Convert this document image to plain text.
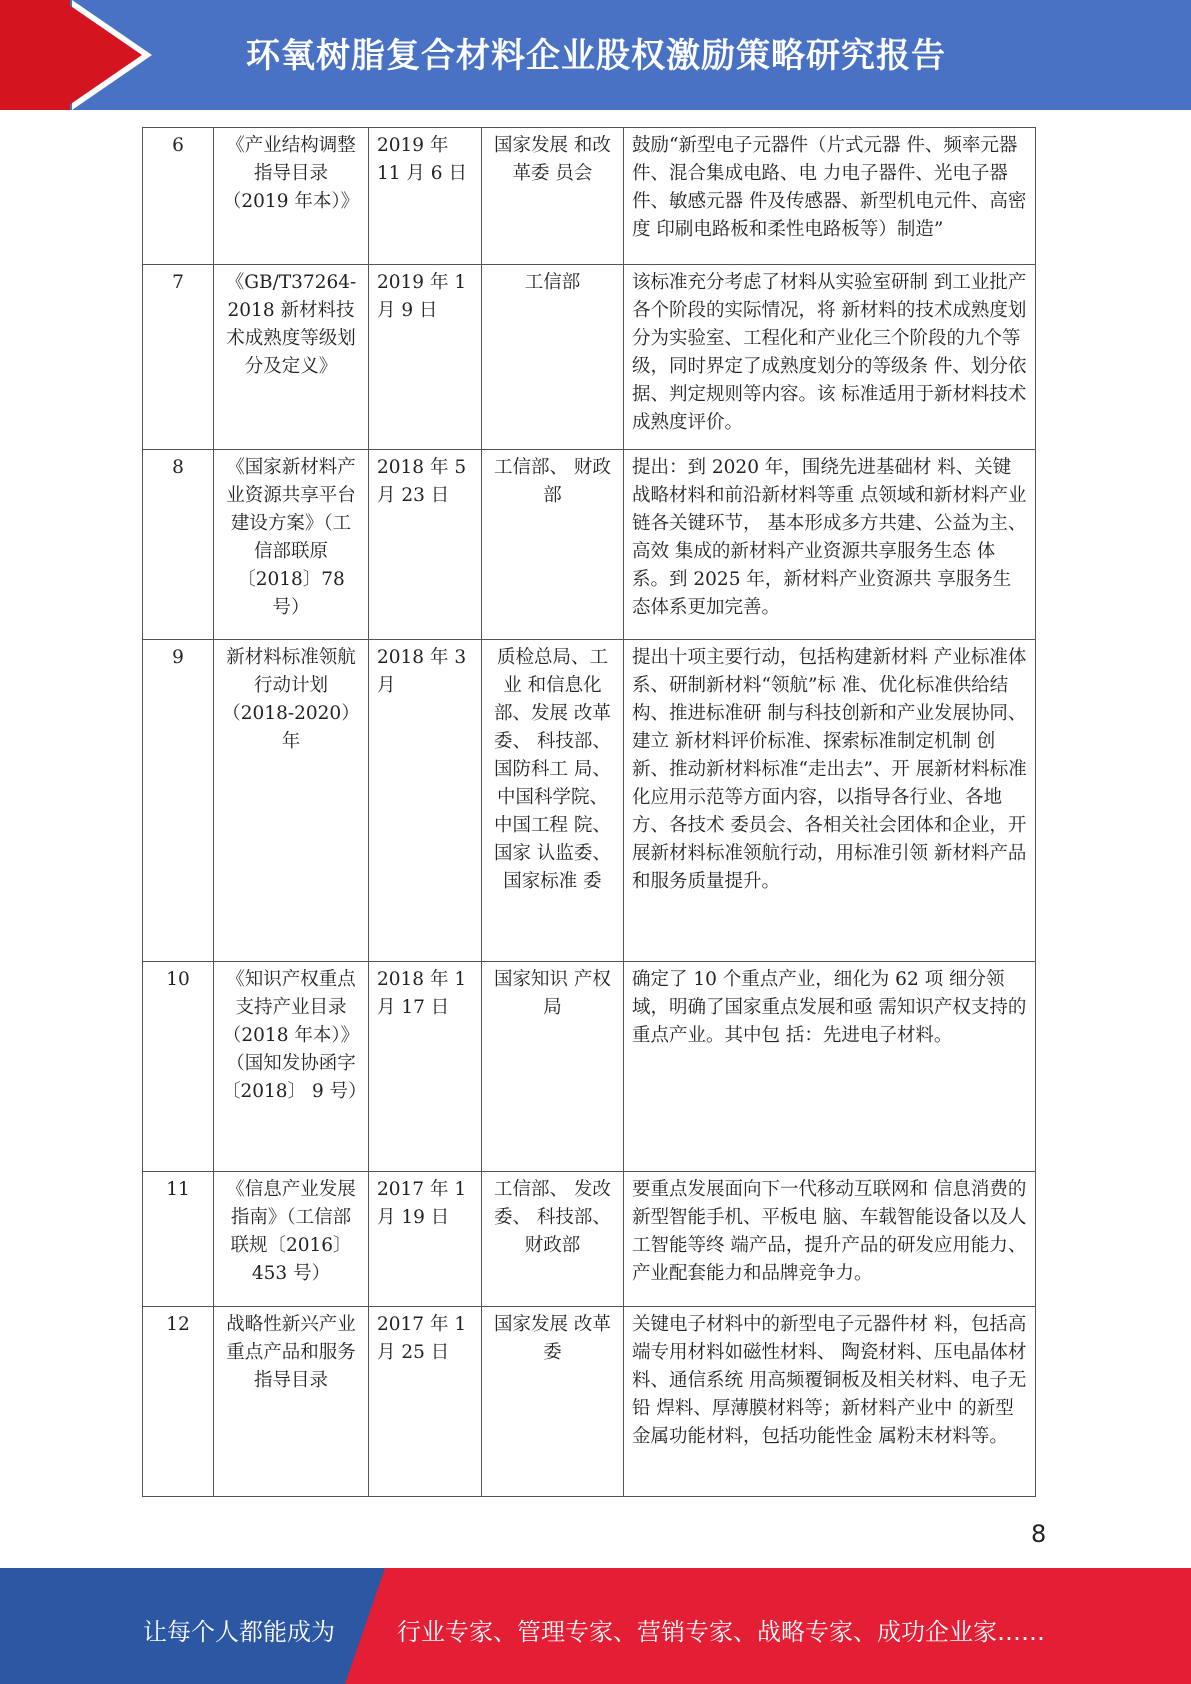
环氧树脂复合材料企业股权激励策略研究报告
6	《产业结构调整指导目录（2019 年本）》	2019 年 11 月 6 日	国家发展 和改革委 员会	鼓励“新型电子元器件（片式元器 件、频率元器件、混合集成电路、电 力电子器件、光电子器件、敏感元器 件及传感器、新型机电元件、高密度 印刷电路板和柔性电路板等）制造”
7	《GB/T37264-2018 新材料技术成熟度等级划分及定义》	2019 年 1 月 9 日	工信部	该标准充分考虑了材料从实验室研制 到工业批产各个阶段的实际情况，将 新材料的技术成熟度划分为实验室、工程化和产业化三个阶段的九个等 级，同时界定了成熟度划分的等级条 件、划分依据、判定规则等内容。该 标准适用于新材料技术成熟度评价。
8	《国家新材料产业资源共享平台建设方案》（工信部联原〔2018〕78 号）	2018 年 5 月 23 日	工信部、 财政部	提出：到 2020 年，围绕先进基础材 料、关键战略材料和前沿新材料等重 点领域和新材料产业链各关键环节， 基本形成多方共建、公益为主、高效 集成的新材料产业资源共享服务生态 体系。到 2025 年，新材料产业资源共 享服务生态体系更加完善。
9	新材料标准领航行动计划（2018-2020）年	2018 年 3 月	质检总局、工业 和信息化部、发展 改革委、 科技部、 国防科工 局、中国科学院、 中国工程 院、 国家 认监委、 国家标准 委	提出十项主要行动，包括构建新材料 产业标准体系、研制新材料“领航”标 准、优化标准供给结构、推进标准研 制与科技创新和产业发展协同、建立 新材料评价标准、探索标准制定机制 创新、推动新材料标准“走出去”、开 展新材料标准化应用示范等方面内容，以指导各行业、各地方、各技术 委员会、各相关社会团体和企业，开 展新材料标准领航行动，用标准引领 新材料产品和服务质量提升。
10	《知识产权重点支持产业目录（2018 年本）》（国知发协函字〔2018〕 9 号）	2018 年 1 月 17 日	国家知识 产权局	确定了 10 个重点产业，细化为 62 项 细分领域，明确了国家重点发展和亟 需知识产权支持的重点产业。其中包 括：先进电子材料。
11	《信息产业发展指南》（工信部联规〔2016〕 453 号）	2017 年 1 月 19 日	工信部、 发改委、 科技部、 财政部	要重点发展面向下一代移动互联网和 信息消费的新型智能手机、平板电 脑、车载智能设备以及人工智能等终 端产品，提升产品的研发应用能力、 产业配套能力和品牌竞争力。
12	战略性新兴产业重点产品和服务指导目录	2017 年 1 月 25 日	国家发展 改革委	关键电子材料中的新型电子元器件材 料，包括高端专用材料如磁性材料、 陶瓷材料、压电晶体材料、通信系统 用高频覆铜板及相关材料、电子无铅 焊料、厚薄膜材料等；新材料产业中 的新型金属功能材料，包括功能性金 属粉末材料等。
8
让每个人都能成为	行业专家、管理专家、营销专家、战略专家、成功企业家……
